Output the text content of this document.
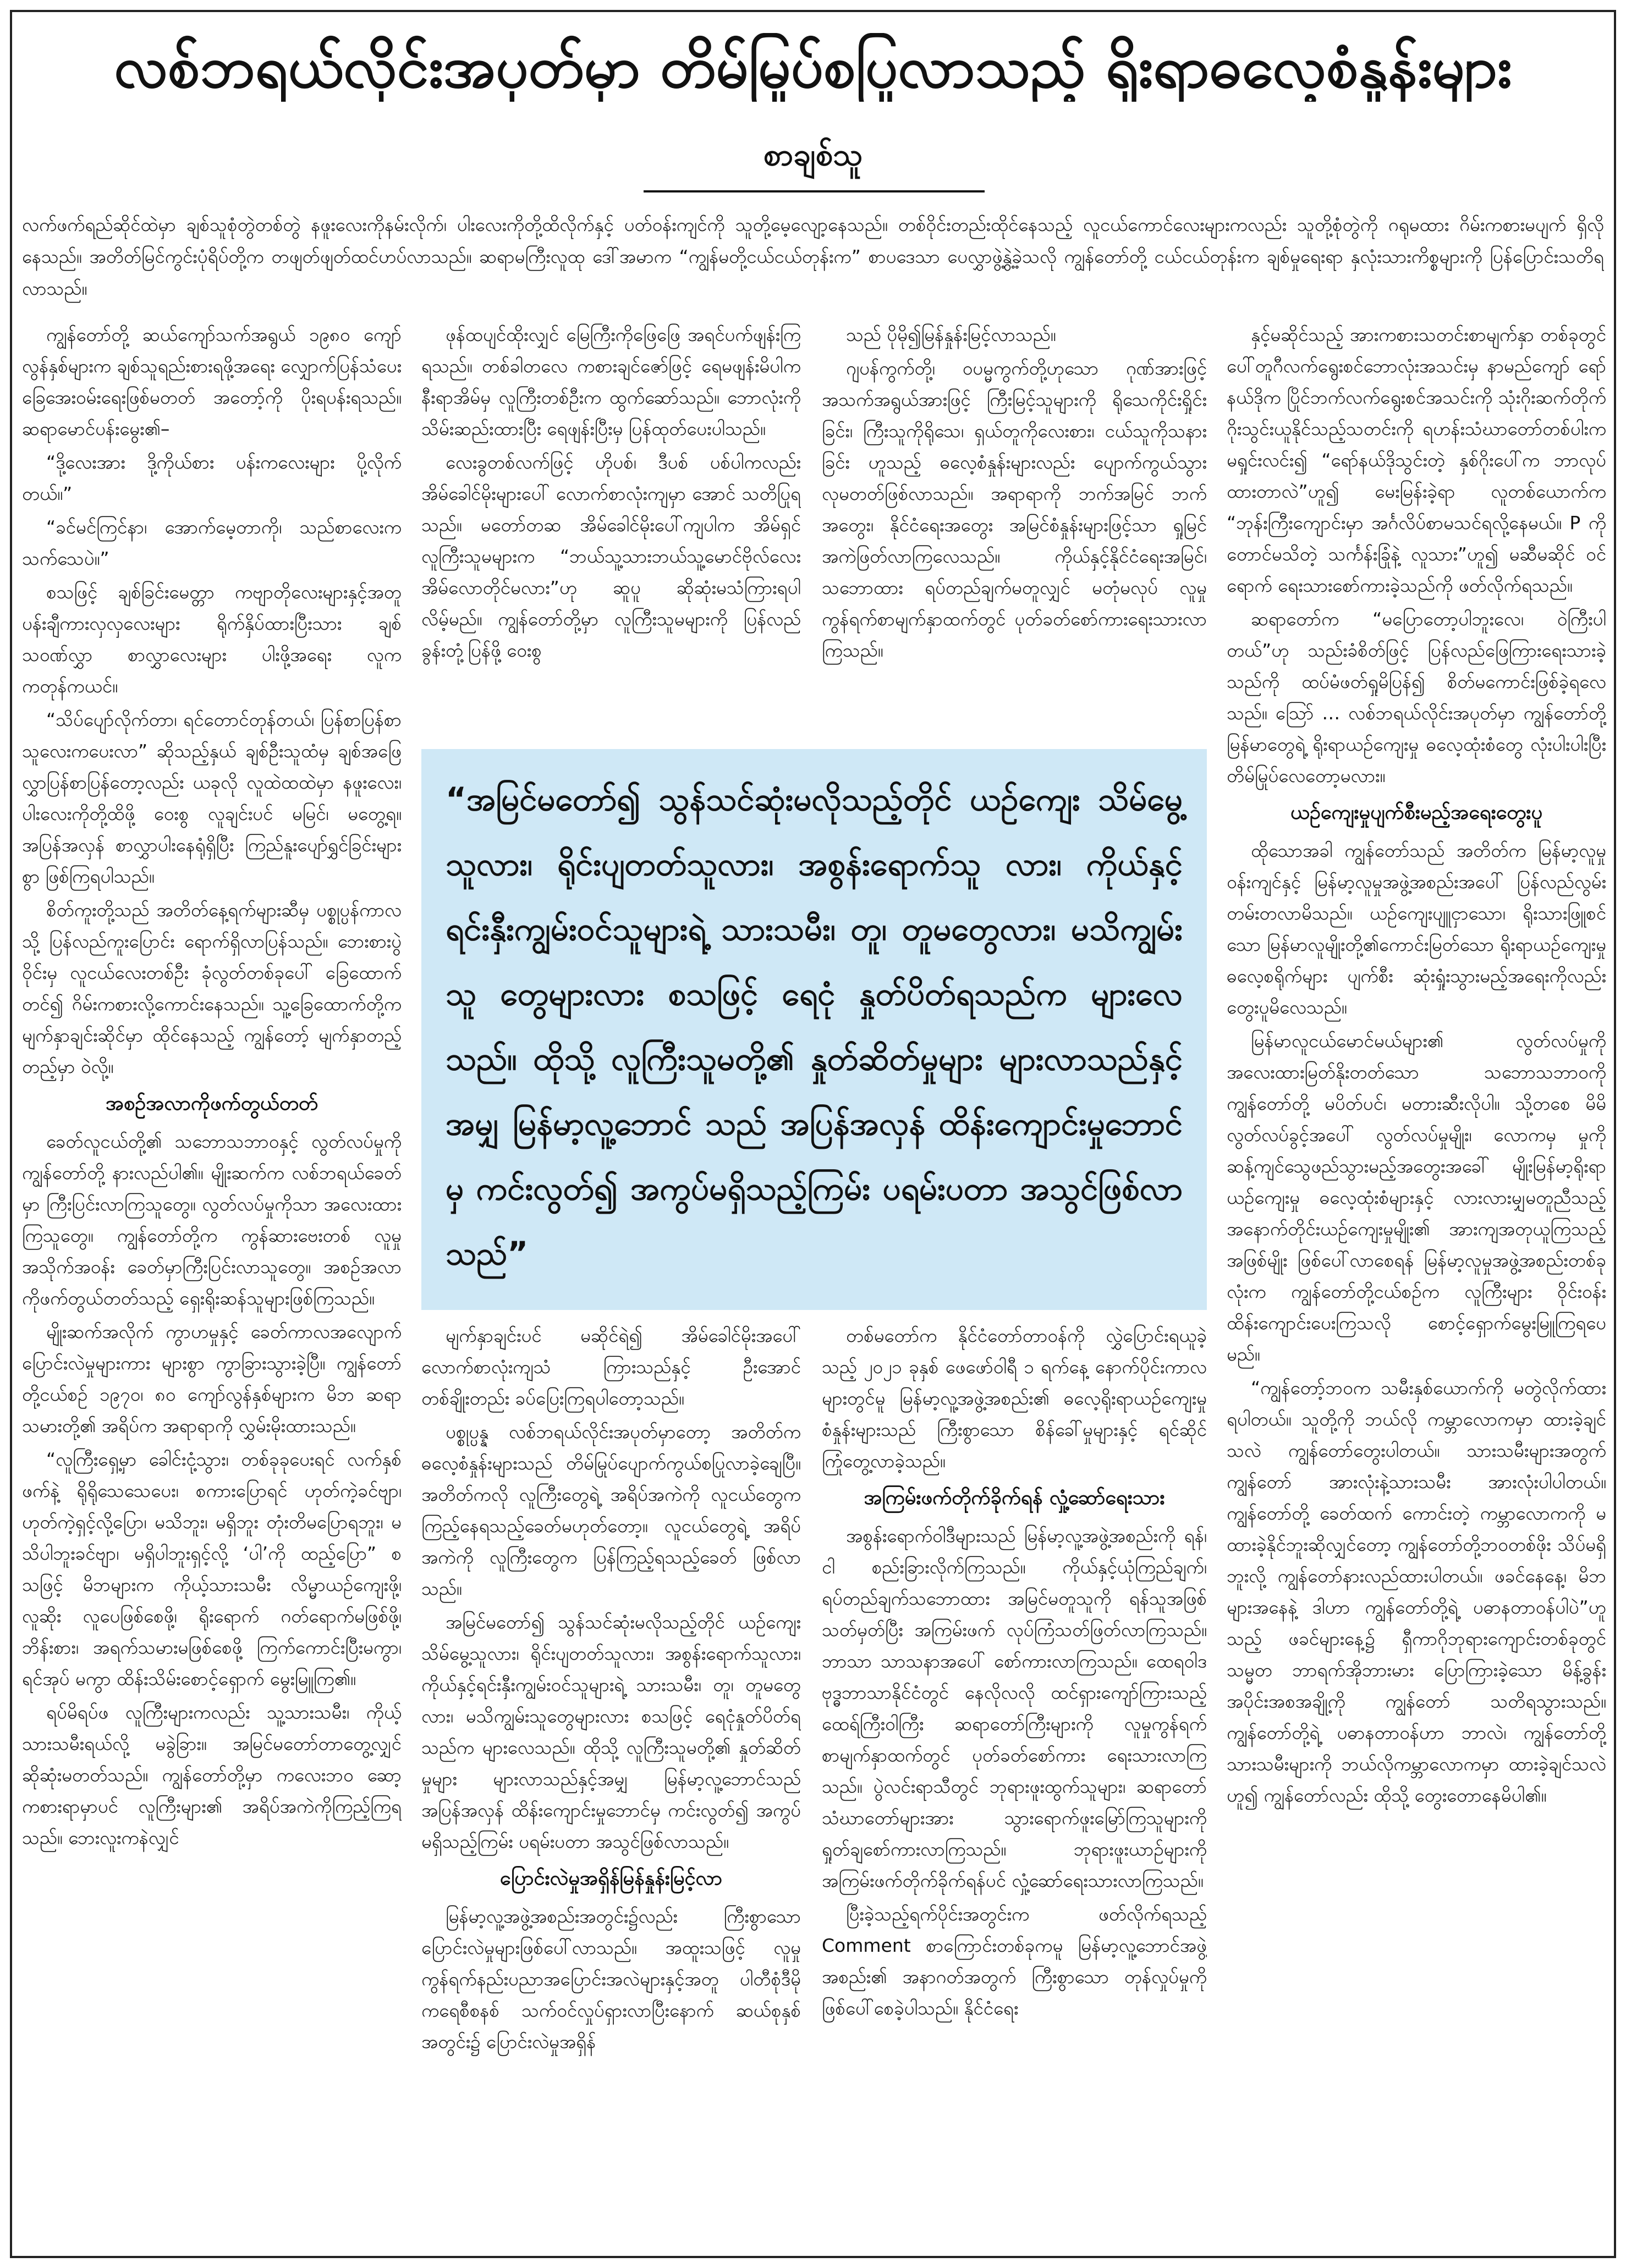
လစ်ဘရယ်လိုင်းအပုတ်မှာ တိမ်မြုပ်စပြုလာသည့် ရိုးရာဓလေ့စံနှုန်းများ
စာချစ်သူ
လက်ဖက်ရည်ဆိုင်ထဲမှာ ချစ်သူစုံတွဲတစ်တွဲ နဖူးလေးကိုနမ်းလိုက်၊ ပါးလေးကိုတို့ထိလိုက်နှင့် ပတ်ဝန်းကျင်ကို သူတို့မေ့လျော့နေသည်။ တစ်ဝိုင်းတည်းထိုင်နေသည့် လူငယ်ကောင်လေးများကလည်း သူတို့စုံတွဲကို ဂရုမထား ဂိမ်းကစားမပျက် ရှိလိုနေသည်။ အတိတ်မြင်ကွင်းပုံရိပ်တို့က တဖျတ်ဖျတ်ထင်ဟပ်လာသည်။ ဆရာမကြီးလူထု ဒေါ်အမာက “ကျွန်မတို့ငယ်ငယ်တုန်းက” စာပဒေသာ ပေလွှာဖွဲ့နွဲ့ခဲ့သလို ကျွန်တော်တို့ ငယ်ငယ်တုန်းက ချစ်မှုရေးရာ နှလုံးသားကိစ္စများကို ပြန်ပြောင်းသတိရလာသည်။

ကျွန်တော်တို့ ဆယ်ကျော်သက်အရွယ် ၁၉၈၀ ကျော်လွန်နှစ်များက ချစ်သူရည်းစားရဖို့အရေး လျှောက်ပြန်သံပေး ခြေအေးဝမ်းရေးဖြစ်မတတ် အတော့်ကို ပိုးရပန်းရသည်။ ဆရာမောင်ပန်းမွေး၏–

“ဒို့လေးအား ဒို့ကိုယ်စား ပန်းကလေးများ ပို့လိုက်တယ်။”

“ခင်မင်ကြင်နာ၊ အောက်မေ့တာကို၊ သည်စာလေးက သက်သေပဲ။”

စသဖြင့် ချစ်ခြင်းမေတ္တာ ကဗျာတိုလေးများနှင့်အတူ ပန်းချီကားလှလှလေးများ ရိုက်နှိပ်ထားပြီးသား ချစ်သဝဏ်လွှာ စာလွှာလေးများ ပါးဖို့အရေး လူက ကတုန်ကယင်။

“သိပ်ပျော်လိုက်တာ၊ ရင်တောင်တုန်တယ်၊ ပြန်စာပြန်စာ သူလေးကပေးလာ” ဆိုသည့်နှယ် ချစ်ဦးသူထံမှ ချစ်အဖြေလွှာပြန်စာပြန်တော့လည်း ယခုလို လူထဲထထဲမှာ နဖူးလေး၊ ပါးလေးကိုတို့ထိဖို့ ဝေးစွ လူချင်းပင် မမြင်၊ မတွေ့ရ။ အပြန်အလှန် စာလွှာပါးနေရုံရှိပြီး ကြည်နူးပျော်ရွှင်ခြင်းများစွာ ဖြစ်ကြရပါသည်။

စိတ်ကူးတို့သည် အတိတ်နေ့ရက်များဆီမှ ပစ္စုပ္ပန်ကာလသို့ ပြန်လည်ကူးပြောင်း ရောက်ရှိလာပြန်သည်။ ဘေးစားပွဲဝိုင်းမှ လူငယ်လေးတစ်ဦး ခုံလွတ်တစ်ခုပေါ် ခြေထောက်တင်၍ ဂိမ်းကစားလို့ကောင်းနေသည်။ သူ့ခြေထောက်တို့က မျက်နှာချင်းဆိုင်မှာ ထိုင်နေသည့် ကျွန်တော့် မျက်နှာတည့်တည့်မှာ ဝဲလို့။

အစဉ်အလာကိုဖက်တွယ်တတ်

ခေတ်လူငယ်တို့၏ သဘောသဘာဝနှင့် လွတ်လပ်မှုကို ကျွန်တော်တို့ နားလည်ပါ၏။ မျိုးဆက်က လစ်ဘရယ်ခေတ်မှာ ကြီးပြင်းလာကြသူတွေ။ လွတ်လပ်မှုကိုသာ အလေးထားကြသူတွေ။ ကျွန်တော်တို့က ကွန်ဆားဗေးတစ် လူမှုအသိုက်အဝန်း ခေတ်မှာကြီးပြင်းလာသူတွေ။ အစဉ်အလာကိုဖက်တွယ်တတ်သည့် ရှေးရိုးဆန်သူများဖြစ်ကြသည်။

မျိုးဆက်အလိုက် ကွာဟမှုနှင့် ခေတ်ကာလအလျောက် ပြောင်းလဲမှုများကား များစွာ ကွာခြားသွားခဲ့ပြီ။ ကျွန်တော်တို့ငယ်စဉ် ၁၉၇၀၊ ၈၀ ကျော်လွန်နှစ်များက မိဘ ဆရာသမားတို့၏ အရိပ်က အရာရာကို လွှမ်းမိုးထားသည်။

“လူကြီးရှေ့မှာ ခေါင်းငုံ့သွား၊ တစ်ခုခုပေးရင် လက်နှစ်ဖက်နဲ့ ရိုရိုသေသေပေး၊ စကားပြောရင် ဟုတ်ကဲ့ခင်ဗျာ၊ ဟုတ်ကဲ့ရှင့်လို့ပြော၊ မသိဘူး၊ မရှိဘူး တုံးတိမပြောရဘူး၊ မသိပါဘူးခင်ဗျာ၊ မရှိပါဘူးရှင့်လို့ ‘ပါ’ကို ထည့်ပြော” စသဖြင့် မိဘများက ကိုယ့်သားသမီး လိမ္မာယဉ်ကျေးဖို့၊ လူဆိုး လူပေဖြစ်စေဖို့၊ ရိုးရောက် ဂတ်ရောက်မဖြစ်ဖို့၊ ဘိန်းစား၊ အရက်သမားမဖြစ်စေဖို့ ကြက်ကောင်းပြီးမကွာ၊ ရင်အုပ် မကွာ ထိန်းသိမ်းစောင့်ရှောက် မွေးမြူကြ၏။

ရပ်မိရပ်ဖ လူကြီးများကလည်း သူ့သားသမီး၊ ကိုယ့်သားသမီးရယ်လို့ မခွဲခြား။ အမြင်မတော်တာတွေ့လျှင် ဆိုဆုံးမတတ်သည်။ ကျွန်တော်တို့မှာ ကလေးဘဝ ဆော့ကစားရာမှာပင် လူကြီးများ၏ အရိပ်အကဲကိုကြည့်ကြရသည်။ ဘေးလူးကနဲလျှင်

ဖုန်ထပျင်ထိုးလျှင် မြေကြီးကိုဖြေဖြေ အရင်ပက်ဖျန်းကြရသည်။ တစ်ခါတလေ ကစားချင်ဇော်ဖြင့် ရေမဖျန်းမိပါက နီးရာအိမ်မှ လူကြီးတစ်ဦးက ထွက်ဆော်သည်။ ဘောလုံးကို သိမ်းဆည်းထားပြီး ရေဖျန်းပြီးမှ ပြန်ထုတ်ပေးပါသည်။

လေးခွတစ်လက်ဖြင့် ဟိုပစ်၊ ဒီပစ် ပစ်ပါကလည်း အိမ်ခေါင်မိုးများပေါ် လောက်စာလုံးကျမှာ အောင် သတိပြုရသည်။ မတော်တဆ အိမ်ခေါင်မိုးပေါ်ကျပါက အိမ်ရှင် လူကြီးသူမများက “ဘယ်သူ့သားဘယ်သူ့မောင်ဗိုလ်လေးအိမ်လောတိုင်မလား”ဟု ဆူပူ ဆိုဆုံးမသံကြားရပါလိမ့်မည်။ ကျွန်တော်တို့မှာ လူကြီးသူမများကို ပြန်လည်ခွန်းတုံ့ပြန်ဖို့ ဝေးစွ

သည် ပိုမို၍မြန်နှုန်းမြင့်လာသည်။

ဂျပန်ကွက်တို့၊ ဝပမ္မကွက်တို့ဟုသော ဂုဏ်အားဖြင့် အသက်အရွယ်အားဖြင့် ကြီးမြင့်သူများကို ရိုသေကိုင်းရှိုင်းခြင်း၊ ကြီးသူကိုရိုသေ၊ ရှယ်တူကိုလေးစား၊ ငယ်သူကိုသနားခြင်း ဟူသည့် ဓလေ့စံနှုန်းများလည်း ပျောက်ကွယ်သွားလုမတတ်ဖြစ်လာသည်။ အရာရာကို ဘက်အမြင် ဘက်အတွေး၊ နိုင်ငံရေးအတွေး အမြင်စံနှုန်းများဖြင့်သာ ရှုမြင်အကဲဖြတ်လာကြလေသည်။ ကိုယ်နှင့်နိုင်ငံရေးအမြင်၊ သဘောထား ရပ်တည်ချက်မတူလျှင် မတုံမလုပ် လူမှုကွန်ရက်စာမျက်နှာထက်တွင် ပုတ်ခတ်စော်ကားရေးသားလာကြသည်။

နှင့်မဆိုင်သည့် အားကစားသတင်းစာမျက်နှာ တစ်ခုတွင် ပေါ်တူဂီလက်ရွေးစင်ဘောလုံးအသင်းမှ နာမည်ကျော် ရော်နယ်ဒိုက ပြိုင်ဘက်လက်ရွေးစင်အသင်းကို သုံးဂိုးဆက်တိုက် ဂိုးသွင်းယူနိုင်သည့်သတင်းကို ရဟန်းသံဃာတော်တစ်ပါးက မရှုင်းလင်း၍ “ရော်နယ်ဒိုသွင်းတဲ့ နှစ်ဂိုးပေါ်က ဘာလုပ်ထားတာလဲ”ဟူ၍ မေးမြန်းခဲ့ရာ လူတစ်ယောက်က “ဘုန်းကြီးကျောင်းမှာ အင်္ဂလိပ်စာမသင်ရလို့နေမယ်။ P ကိုတောင်မသိတဲ့ သင်္ကန်းခြုံနဲ့ လူသား”ဟူ၍ မဆီမဆိုင် ဝင်ရောက် ရေးသားစော်ကားခဲ့သည်ကို ဖတ်လိုက်ရသည်။

ဆရာတော်က “မပြောတော့ပါဘူးလေ၊ ဝဲကြီးပါတယ်”ဟု သည်းခံစိတ်ဖြင့် ပြန်လည်ဖြေကြားရေးသားခဲ့သည်ကို ထပ်မံဖတ်ရှုမိပြန်၍ စိတ်မကောင်းဖြစ်ခဲ့ရလေသည်။ ဩော် … လစ်ဘရယ်လိုင်းအပုတ်မှာ ကျွန်တော်တို့ မြန်မာတွေရဲ့ ရိုးရာယဉ်ကျေးမှု ဓလေ့ထုံးစံတွေ လုံးပါးပါးပြီး တိမ်မြုပ်လေတော့မလား။

ယဉ်ကျေးမှုပျက်စီးမည့်အရေးတွေးပူ

ထိုသောအခါ ကျွန်တော်သည် အတိတ်က မြန်မာ့လူမှုဝန်းကျင်နှင့် မြန်မာ့လူမှုအဖွဲ့အစည်းအပေါ် ပြန်လည်လွမ်း တမ်းတလာမိသည်။ ယဉ်ကျေးပျူငှာသော၊ ရိုးသားဖြူစင်သော မြန်မာလူမျိုးတို့၏ကောင်းမြတ်သော ရိုးရာယဉ်ကျေးမှု ဓလေ့စရိုက်များ ပျက်စီး ဆုံးရှုံးသွားမည့်အရေးကိုလည်း တွေးပူမိလေသည်။

မြန်မာလူငယ်မောင်မယ်များ၏ လွတ်လပ်မှုကို အလေးထားမြတ်နိုးတတ်သော သဘောသဘာဝကို ကျွန်တော်တို့ မပိတ်ပင်၊ မတားဆီးလိုပါ။ သို့တစေ မိမိလွတ်လပ်ခွင့်အပေါ် လွတ်လပ်မှုမျိုး၊ လောကမှ မှုကို ဆန့်ကျင်သွေဖည်သွားမည့်အတွေးအခေါ် မျိုးမြန်မာ့ရိုးရာယဉ်ကျေးမှု ဓလေ့ထုံးစံများနှင့် လားလားမျှမတူညီသည့် အနောက်တိုင်းယဉ်ကျေးမှုမျိုး၏ အားကျအတုယူကြသည့်အဖြစ်မျိုး ဖြစ်ပေါ်လာစေရန် မြန်မာ့လူမှုအဖွဲ့အစည်းတစ်ခုလုံးက ကျွန်တော်တို့ငယ်စဉ်က လူကြီးများ ဝိုင်းဝန်းထိန်းကျောင်းပေးကြသလို စောင့်ရှောက်မွေးမြူကြရပေမည်။

“ကျွန်တော့်ဘဝက သမီးနှစ်ယောက်ကို မတွဲလိုက်ထားရပါတယ်။ သူတို့ကို ဘယ်လို ကမ္ဘာလောကမှာ ထားခဲ့ချင်သလဲ ကျွန်တော်တွေးပါတယ်။ သားသမီးများအတွက် ကျွန်တော် အားလုံးနဲ့သားသမီး အားလုံးပါပါတယ်။ ကျွန်တော်တို့ ခေတ်ထက် ကောင်းတဲ့ ကမ္ဘာလောကကို မထားခဲ့နိုင်ဘူးဆိုလျှင်တော့ ကျွန်တော်တို့ဘဝတစ်ဖိုး သိပ်မရှိဘူးလို့ ကျွန်တော်နားလည်ထားပါတယ်။ ဖခင်နေနေ့၊ မိဘများအနေနဲ့ ဒါဟာ ကျွန်တော်တို့ရဲ့ ပဓာနတာဝန်ပါပဲ”ဟူသည့် ဖခင်များနေ့၌ ရှီကာဂိုဘုရားကျောင်းတစ်ခုတွင် သမ္မတ ဘာရက်အိုဘားမား ပြောကြားခဲ့သော မိန့်ခွန်းအပိုင်းအစအချို့ကို ကျွန်တော် သတိရသွားသည်။ ကျွန်တော်တို့ရဲ့ ပဓာနတာဝန်ဟာ ဘာလဲ၊ ကျွန်တော်တို့ သားသမီးများကို ဘယ်လိုကမ္ဘာလောကမှာ ထားခဲ့ချင်သလဲဟူ၍ ကျွန်တော်လည်း ထိုသို့ တွေးတောနေမိပါ၏။

“အမြင်မတော်၍ သွန်သင်ဆုံးမလိုသည့်တိုင် ယဉ်ကျေး သိမ်မွေ့သူလား၊ ရိုင်းပျတတ်သူလား၊ အစွန်းရောက်သူ လား၊ ကိုယ်နှင့်ရင်းနှီးကျွမ်းဝင်သူများရဲ့ သားသမီး၊ တူ၊ တူမတွေလား၊ မသိကျွမ်းသူ တွေများလား စသဖြင့် ရေငုံ နှုတ်ပိတ်ရသည်က များလေသည်။ ထိုသို့ လူကြီးသူမတို့၏ နှုတ်ဆိတ်မှုများ များလာသည်နှင့်အမျှ မြန်မာ့လူ့ဘောင် သည် အပြန်အလှန် ထိန်းကျောင်းမှုဘောင်မှ ကင်းလွတ်၍ အကွပ်မရှိသည့်ကြမ်း ပရမ်းပတာ အသွင်ဖြစ်လာသည်”

မျက်နှာချင်းပင် မဆိုင်ရဲ၍ အိမ်ခေါင်မိုးအပေါ် လောက်စာလုံးကျသံ ကြားသည်နှင့် ဦးအောင် တစ်ချိုးတည်း ခပ်ပြေးကြရပါတော့သည်။

ပစ္စုပ္ပန္န လစ်ဘရယ်လိုင်းအပုတ်မှာတော့ အတိတ်က ဓလေ့စံနှုန်းများသည် တိမ်မြုပ်ပျောက်ကွယ်စပြုလာခဲ့ချေပြီ။ အတိတ်ကလို လူကြီးတွေရဲ့ အရိပ်အကဲကို လူငယ်တွေက ကြည့်နေရသည့်ခေတ်မဟုတ်တော့။ လူငယ်တွေရဲ့ အရိပ်အကဲကို လူကြီးတွေက ပြန်ကြည့်ရသည့်ခေတ် ဖြစ်လာသည်။

အမြင်မတော်၍ သွန်သင်ဆုံးမလိုသည့်တိုင် ယဉ်ကျေးသိမ်မွေ့သူလား၊ ရိုင်းပျတတ်သူလား၊ အစွန်းရောက်သူလား၊ ကိုယ်နှင့်ရင်းနှီးကျွမ်းဝင်သူများရဲ့ သားသမီး၊ တူ၊ တူမတွေလား၊ မသိကျွမ်းသူတွေများလား စသဖြင့် ရေငုံနှုတ်ပိတ်ရသည်က များလေသည်။ ထိုသို့ လူကြီးသူမတို့၏ နှုတ်ဆိတ်မှုများ များလာသည်နှင့်အမျှ မြန်မာ့လူ့ဘောင်သည် အပြန်အလှန် ထိန်းကျောင်းမှုဘောင်မှ ကင်းလွတ်၍ အကွပ်မရှိသည့်ကြမ်း ပရမ်းပတာ အသွင်ဖြစ်လာသည်။

ပြောင်းလဲမှုအရှိန်မြန်နှုန်းမြင့်လာ

မြန်မာ့လူ့အဖွဲ့အစည်းအတွင်း၌လည်း ကြီးစွာသောပြောင်းလဲမှုများဖြစ်ပေါ်လာသည်။ အထူးသဖြင့် လူမှုကွန်ရက်နည်းပညာအပြောင်းအလဲများနှင့်အတူ ပါတီစုံဒီမိုကရေစီစနစ် သက်ဝင်လှုပ်ရှားလာပြီးနောက် ဆယ်စုနှစ်အတွင်း၌ ပြောင်းလဲမှုအရှိန်

တစ်မတော်က နိုင်ငံတော်တာဝန်ကို လွှဲပြောင်းရယူခဲ့သည့် ၂၀၂၁ ခုနှစ် ဖေဖော်ဝါရီ ၁ ရက်နေ့ နောက်ပိုင်းကာလများတွင်မူ မြန်မာ့လူ့အဖွဲ့အစည်း၏ ဓလေ့ရိုးရာယဉ်ကျေးမှု စံနှုန်းများသည် ကြီးစွာသော စိန်ခေါ်မှုများနှင့် ရင်ဆိုင်ကြုံတွေ့လာခဲ့သည်။

အကြမ်းဖက်တိုက်ခိုက်ရန် လှုံ့ဆော်ရေးသား

အစွန်းရောက်ဝါဒီများသည် မြန်မာ့လူ့အဖွဲ့အစည်းကို ရန်၊ ငါ စည်းခြားလိုက်ကြသည်။ ကိုယ်နှင့်ယုံကြည်ချက်၊ ရပ်တည်ချက်သဘောထား အမြင်မတူသူကို ရန်သူအဖြစ် သတ်မှတ်ပြီး အကြမ်းဖက် လုပ်ကြံသတ်ဖြတ်လာကြသည်။ ဘာသာ သာသနာအပေါ် စော်ကားလာကြသည်။ ထေရဝါဒ ဗုဒ္ဓဘာသာနိုင်ငံတွင် နေလိုလလို ထင်ရှားကျော်ကြားသည့် ထေရ်ကြီးဝါကြီး ဆရာတော်ကြီးများကို လူမှုကွန်ရက်စာမျက်နှာထက်တွင် ပုတ်ခတ်စော်ကား ရေးသားလာကြသည်။ ပွဲလင်းရာသီတွင် ဘုရားဖူးထွက်သူများ၊ ဆရာတော် သံဃာတော်များအား သွားရောက်ဖူးမြော်ကြသူများကို ရှုတ်ချစော်ကားလာကြသည်။ ဘုရားဖူးယာဉ်များကို အကြမ်းဖက်တိုက်ခိုက်ရန်ပင် လှုံ့ဆော်ရေးသားလာကြသည်။

ပြီးခဲ့သည့်ရက်ပိုင်းအတွင်းက ဖတ်လိုက်ရသည့် Comment စာကြောင်းတစ်ခုကမူ မြန်မာ့လူ့ဘောင်အဖွဲ့အစည်း၏ အနာဂတ်အတွက် ကြီးစွာသော တုန်လှုပ်မှုကို ဖြစ်ပေါ်စေခဲ့ပါသည်။ နိုင်ငံရေး
